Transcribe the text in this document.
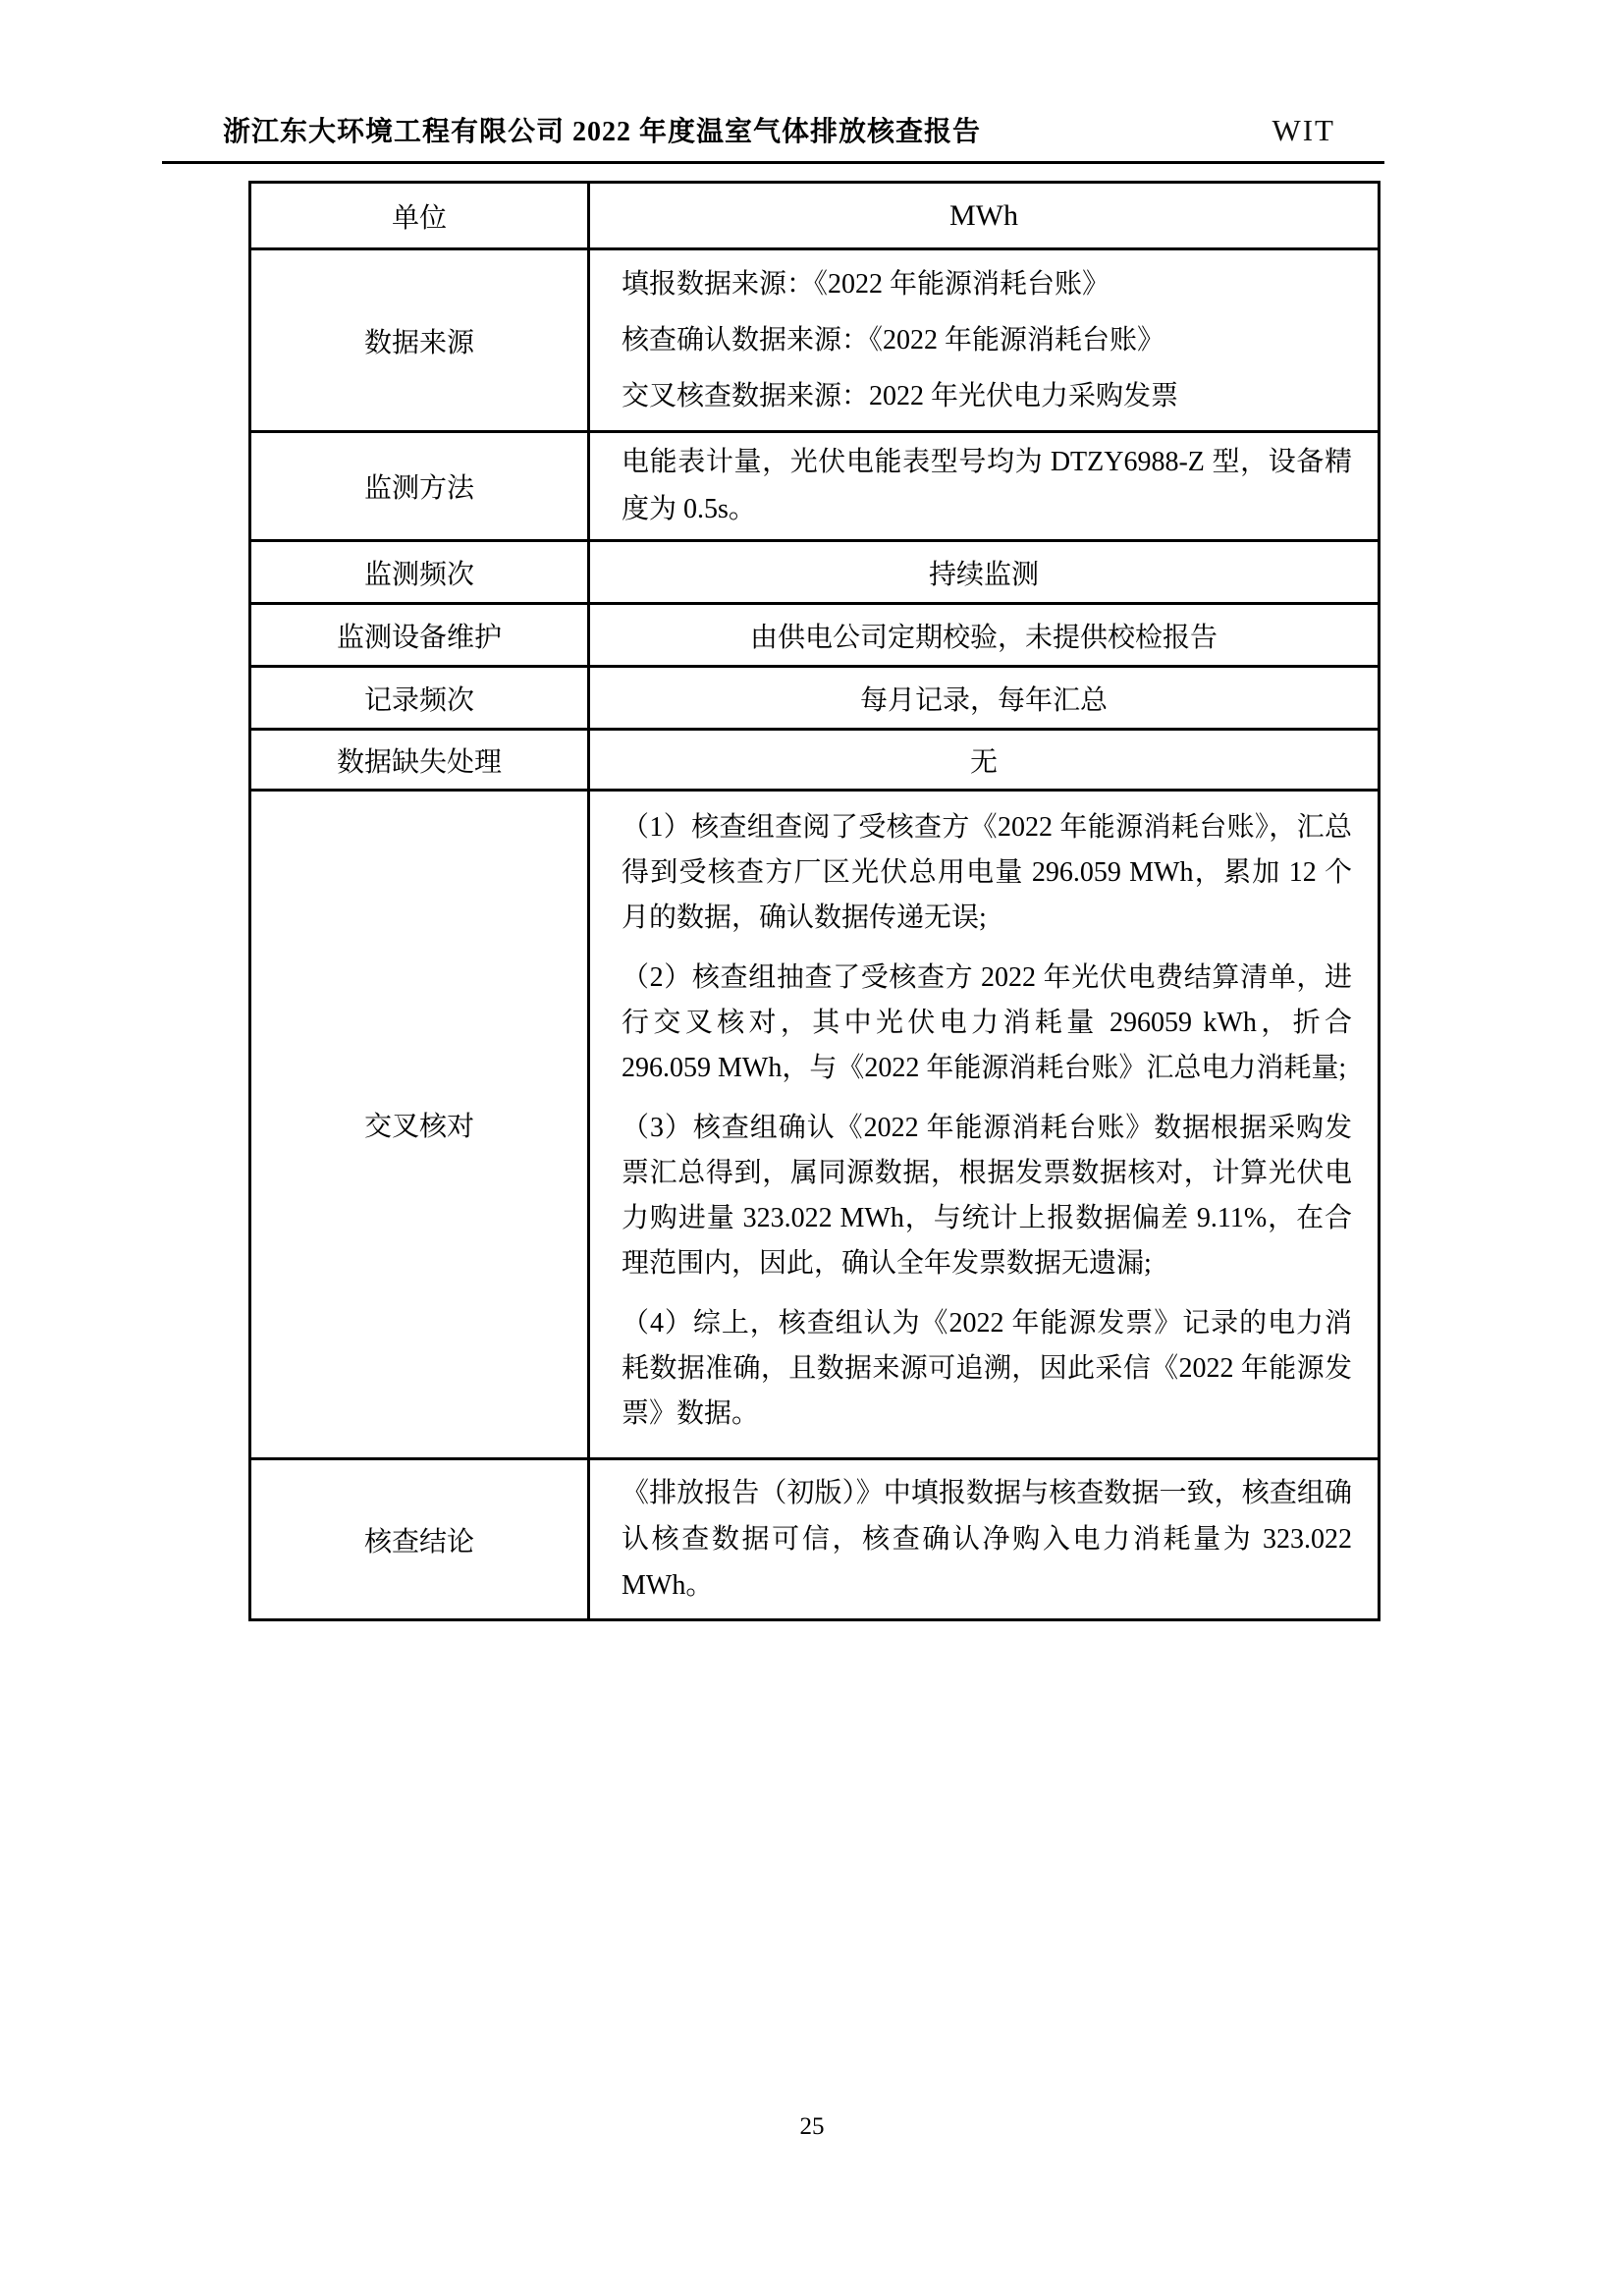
浙江东大环境工程有限公司 2022 年度温室气体排放核查报告	WIT
单位	MWh
数据来源	填报数据来源：《2022 年能源消耗台账》

核查确认数据来源：《2022 年能源消耗台账》

交叉核查数据来源：2022 年光伏电力采购发票

监测方法	电能表计量，光伏电能表型号均为 DTZY6988-Z 型，设备精度为 0.5s。

监测频次	持续监测
监测设备维护	由供电公司定期校验，未提供校检报告
记录频次	每月记录，每年汇总
数据缺失处理	无
交叉核对	（1）核查组查阅了受核查方《2022 年能源消耗台账》，汇总得到受核查方厂区光伏总用电量 296.059 MWh，累加 12 个月的数据，确认数据传递无误;

（2）核查组抽查了受核查方 2022 年光伏电费结算清单，进行交叉核对，其中光伏电力消耗量 296059 kWh，折合 296.059 MWh，与《2022 年能源消耗台账》汇总电力消耗量;

（3）核查组确认《2022 年能源消耗台账》数据根据采购发票汇总得到，属同源数据，根据发票数据核对，计算光伏电力购进量 323.022 MWh，与统计上报数据偏差 9.11%，在合理范围内，因此，确认全年发票数据无遗漏;

（4）综上，核查组认为《2022 年能源发票》记录的电力消耗数据准确，且数据来源可追溯，因此采信《2022 年能源发票》数据。

核查结论	《排放报告（初版）》中填报数据与核查数据一致，核查组确认核查数据可信，核查确认净购入电力消耗量为 323.022 MWh。

25
